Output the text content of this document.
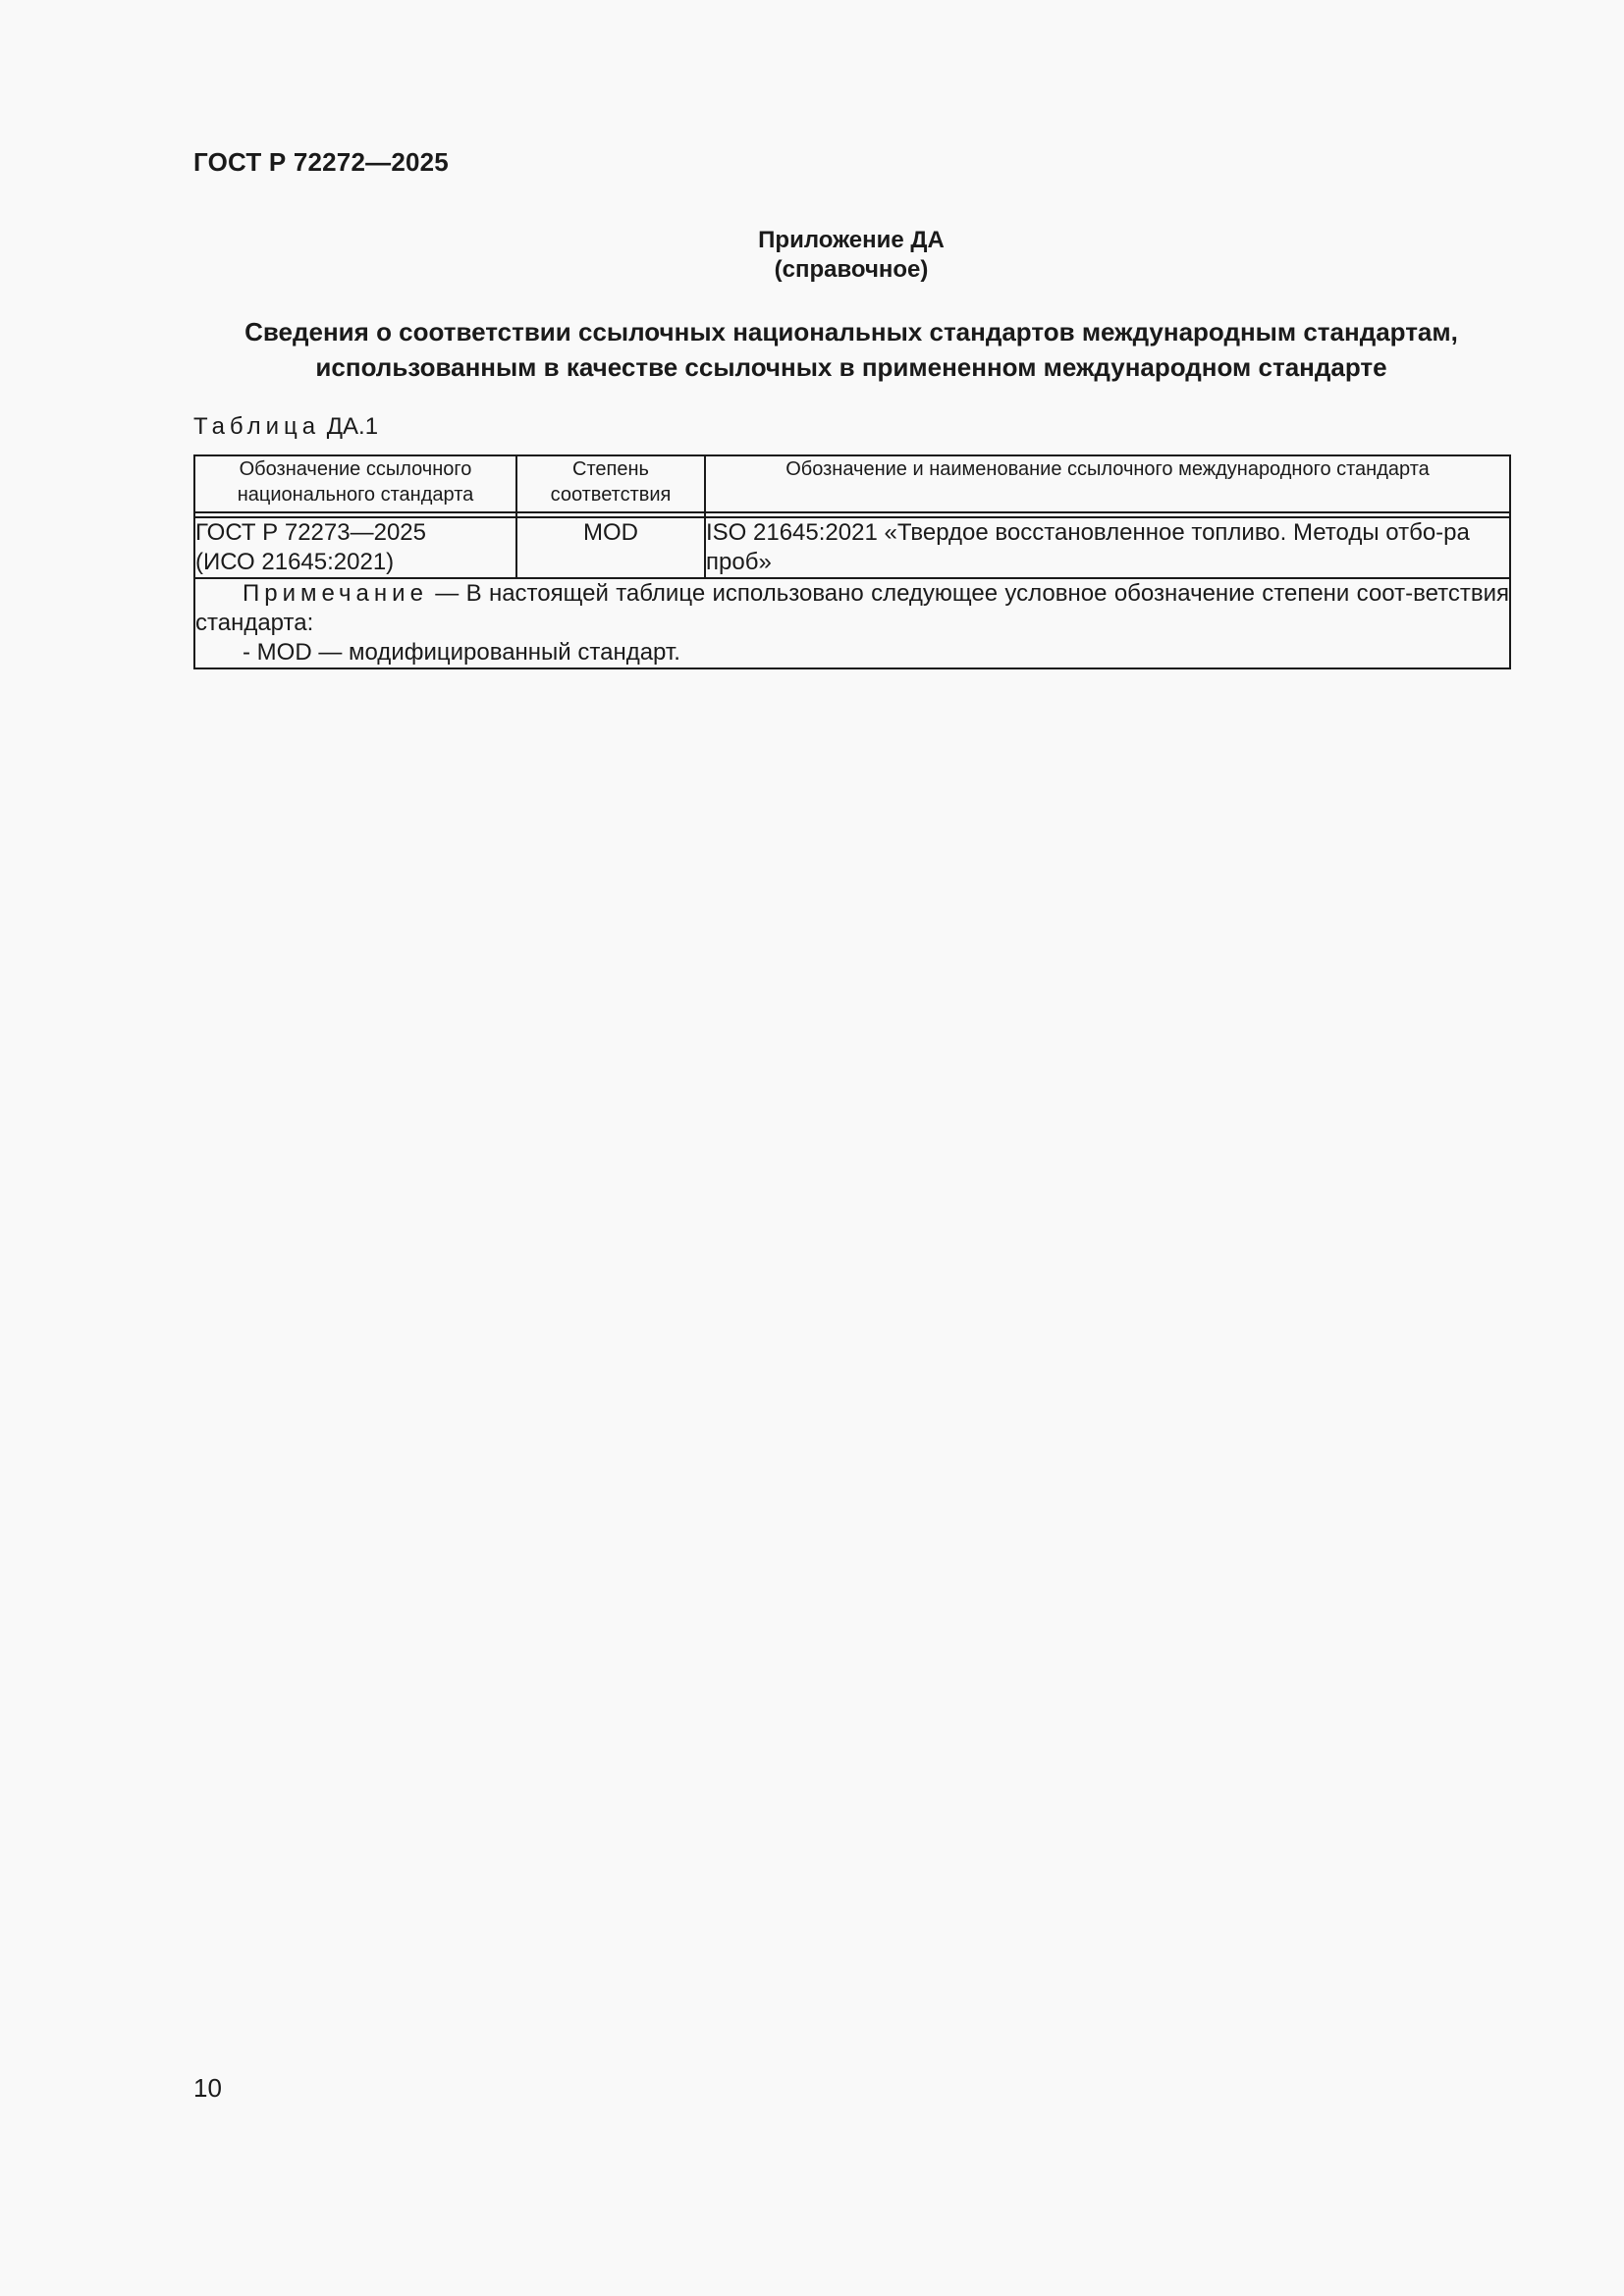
ГОСТ Р 72272—2025
Приложение ДА
(справочное)
Сведения о соответствии ссылочных национальных стандартов международным стандартам,
использованным в качестве ссылочных в примененном международном стандарте
Таблица ДА.1
Обозначение ссылочного национального стандарта	Степень соответствия	Обозначение и наименование ссылочного международного стандарта

ГОСТ Р 72273—2025
(ИСО 21645:2021)	MOD	ISO 21645:2021 «Твердое восстановленное топливо. Методы отбо-ра проб»

Примечание — В настоящей таблице использовано следующее условное обозначение степени соот-ветствия стандарта:

- MOD — модифицированный стандарт.		

10
